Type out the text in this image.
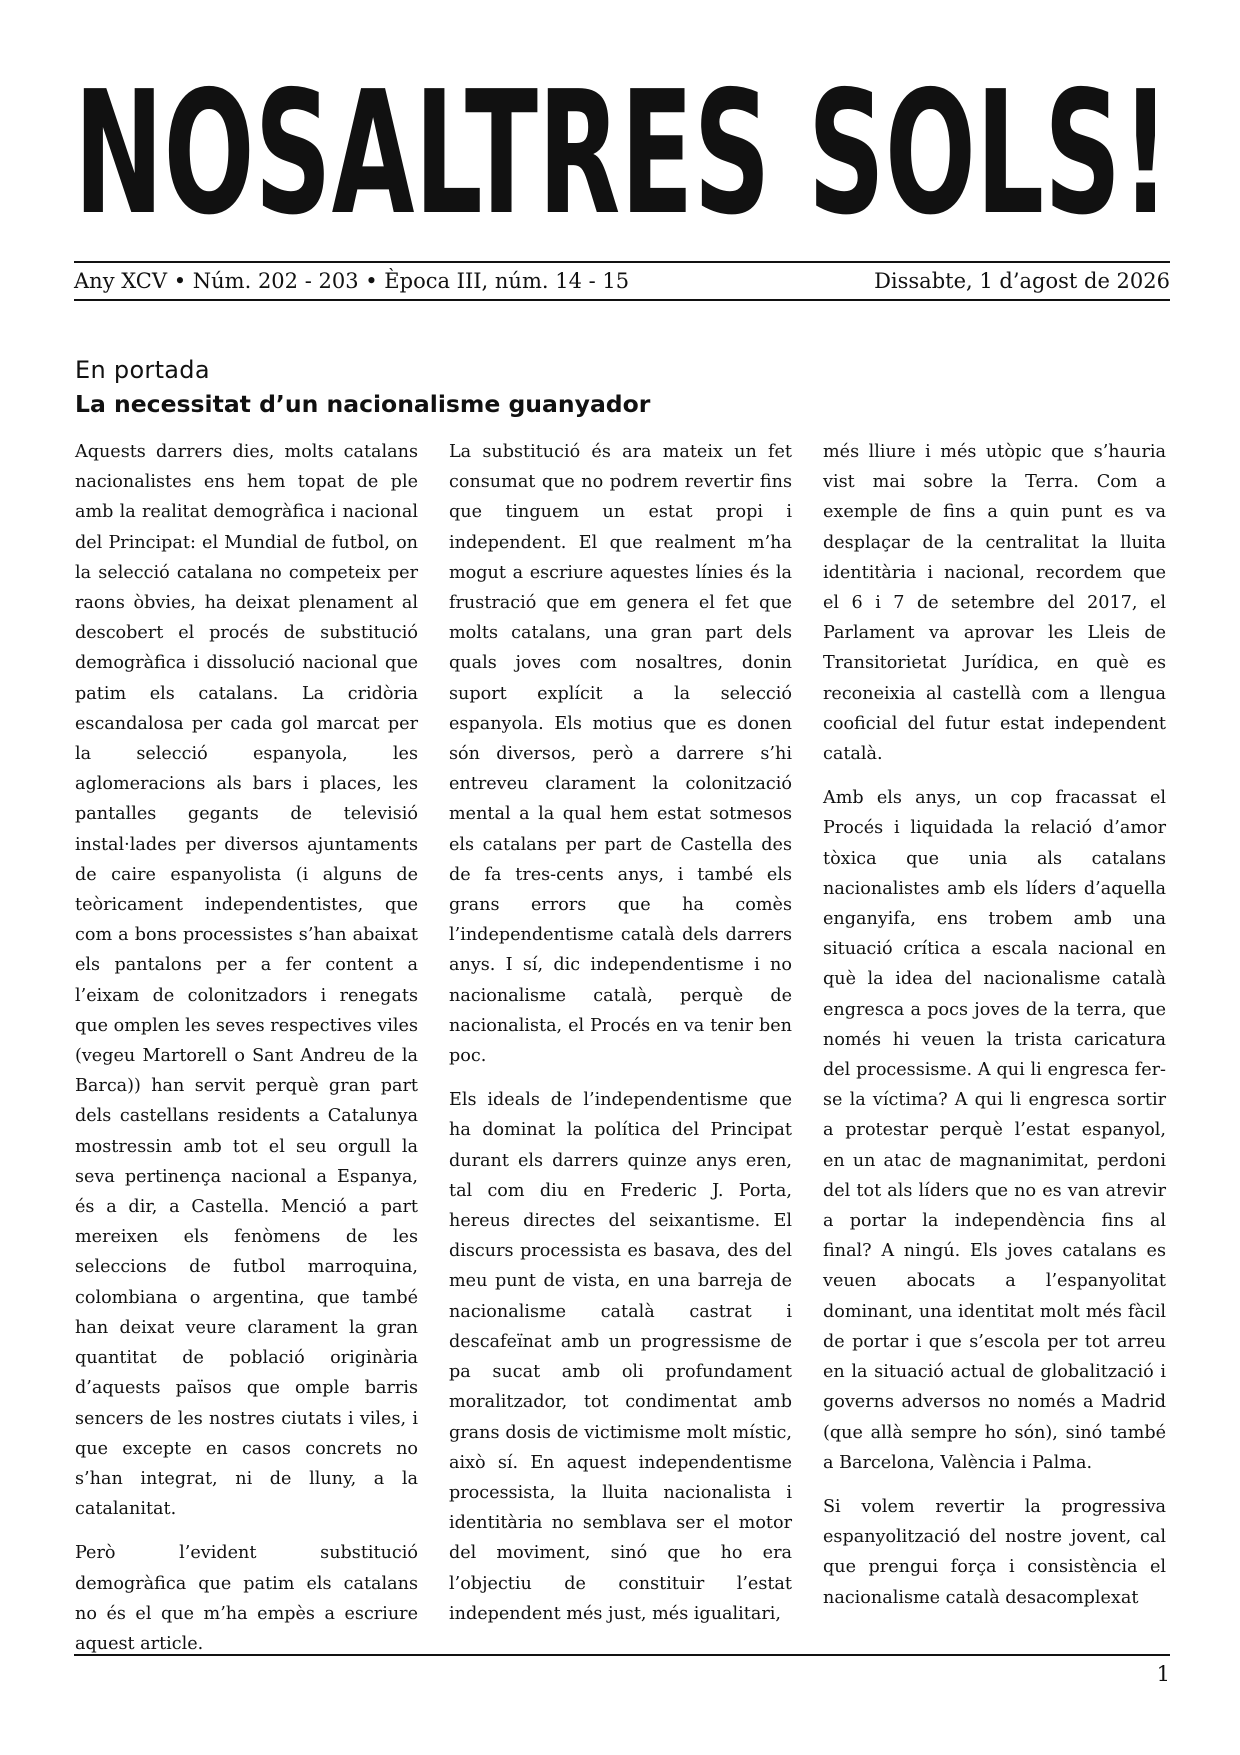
NOSALTRES SOLS!
Any XCV • Núm. 202 - 203 • Època III, núm. 14 - 15	Dissabte, 1 d’agost de 2026
En portada
La necessitat d’un nacionalisme guanyador

Aquests darrers dies, molts catalans nacionalistes ens hem topat de ple amb la realitat demogràfica i nacional del Principat: el Mundial de futbol, on la selecció catalana no competeix per raons òbvies, ha deixat plenament al descobert el procés de substitució demogràfica i dissolució nacional que patim els catalans. La cridòria escandalosa per cada gol marcat per la selecció espanyola, les aglomeracions als bars i places, les pantalles gegants de televisió instal·lades per diversos ajuntaments de caire espanyolista (i alguns de teòricament independentistes, que com a bons processistes s’han abaixat els pantalons per a fer content a l’eixam de colonitzadors i renegats que omplen les seves respectives viles (vegeu Martorell o Sant Andreu de la Barca)) han servit perquè gran part dels castellans residents a Catalunya mostressin amb tot el seu orgull la seva pertinença nacional a Espanya, és a dir, a Castella. Menció a part mereixen els fenòmens de les seleccions de futbol marroquina, colombiana o argentina, que també han deixat veure clarament la gran quantitat de població originària d’aquests països que omple barris sencers de les nostres ciutats i viles, i que excepte en casos concrets no s’han integrat, ni de lluny, a la catalanitat.

Però l’evident substitució demogràfica que patim els catalans no és el que m’ha empès a escriure aquest article.

La substitució és ara mateix un fet consumat que no podrem revertir fins que tinguem un estat propi i independent. El que realment m’ha mogut a escriure aquestes línies és la frustració que em genera el fet que molts catalans, una gran part dels quals joves com nosaltres, donin suport explícit a la selecció espanyola. Els motius que es donen són diversos, però a darrere s’hi entreveu clarament la colonització mental a la qual hem estat sotmesos els catalans per part de Castella des de fa tres-cents anys, i també els grans errors que ha comès l’independentisme català dels darrers anys. I sí, dic independentisme i no nacionalisme català, perquè de nacionalista, el Procés en va tenir ben poc.

Els ideals de l’independentisme que ha dominat la política del Principat durant els darrers quinze anys eren, tal com diu en Frederic J. Porta, hereus directes del seixantisme. El discurs processista es basava, des del meu punt de vista, en una barreja de nacionalisme català castrat i descafeïnat amb un progressisme de pa sucat amb oli profundament moralitzador, tot condimentat amb grans dosis de victimisme molt místic, això sí. En aquest independentisme processista, la lluita nacionalista i identitària no semblava ser el motor del moviment, sinó que ho era l’objectiu de constituir l’estat independent més just, més igualitari,

més lliure i més utòpic que s’hauria vist mai sobre la Terra. Com a exemple de fins a quin punt es va desplaçar de la centralitat la lluita identitària i nacional, recordem que el 6 i 7 de setembre del 2017, el Parlament va aprovar les Lleis de Transitorietat Jurídica, en què es reconeixia al castellà com a llengua cooficial del futur estat independent català.

Amb els anys, un cop fracassat el Procés i liquidada la relació d’amor tòxica que unia als catalans nacionalistes amb els líders d’aquella enganyifa, ens trobem amb una situació crítica a escala nacional en què la idea del nacionalisme català engresca a pocs joves de la terra, que només hi veuen la trista caricatura del processisme. A qui li engresca fer-se la víctima? A qui li engresca sortir a protestar perquè l’estat espanyol, en un atac de magnanimitat, perdoni del tot als líders que no es van atrevir a portar la independència fins al final? A ningú. Els joves catalans es veuen abocats a l’espanyolitat dominant, una identitat molt més fàcil de portar i que s’escola per tot arreu en la situació actual de globalització i governs adversos no només a Madrid (que allà sempre ho són), sinó també a Barcelona, València i Palma.

Si volem revertir la progressiva espanyolització del nostre jovent, cal que prengui força i consistència el nacionalisme català desacomplexat

1
